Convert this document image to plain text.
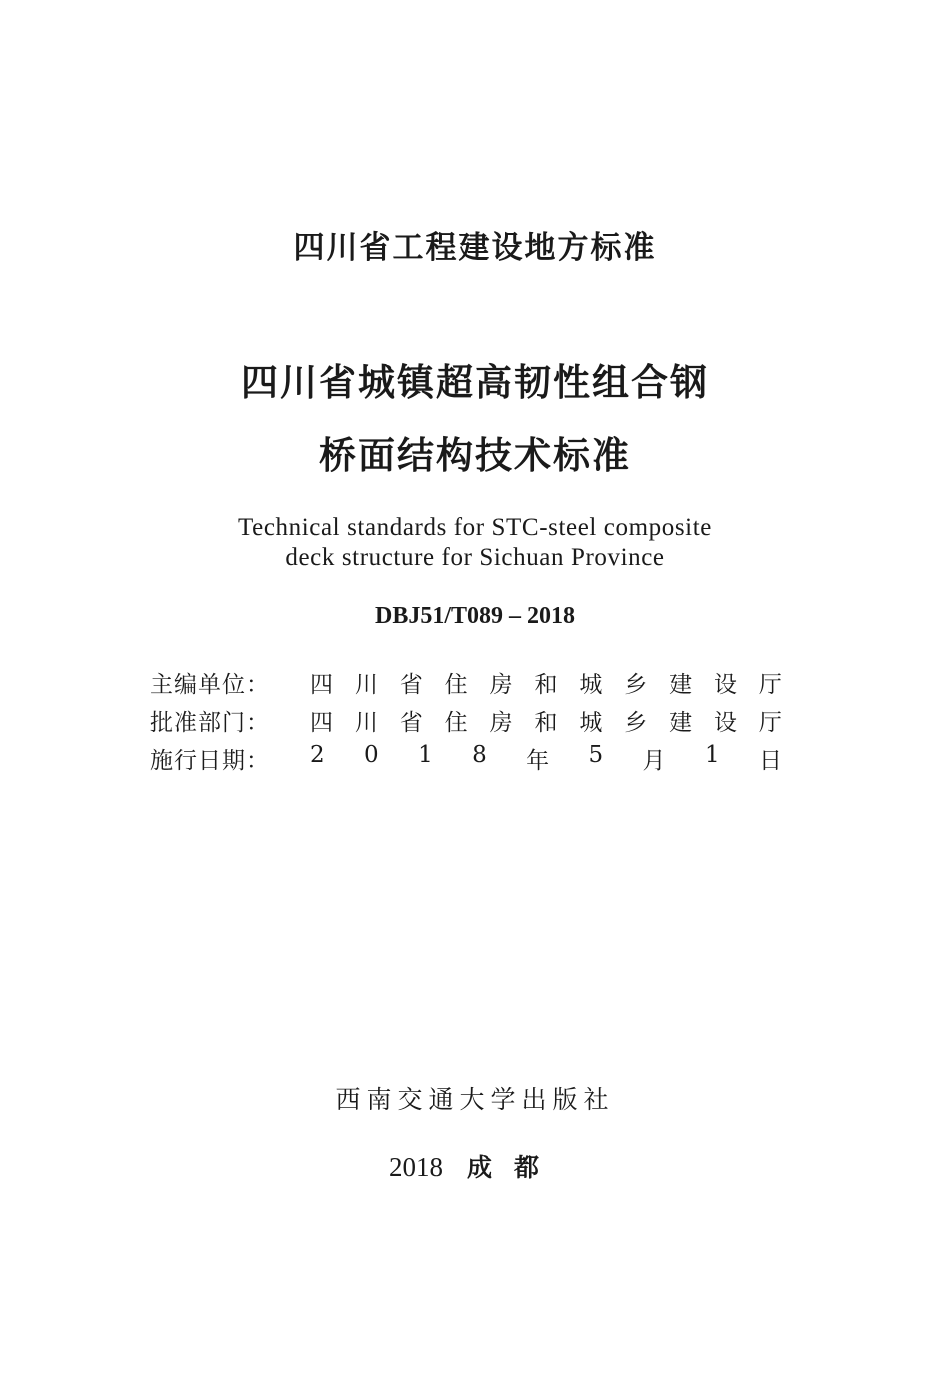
四川省工程建设地方标准
四川省城镇超高韧性组合钢
桥面结构技术标准
Technical standards for STC-steel composite
deck structure for Sichuan Province
DBJ51/T089 – 2018
主编单位：	四 川 省 住 房 和 城 乡 建 设 厅
批准部门：	四 川 省 住 房 和 城 乡 建 设 厅
施行日期：	2 0 1 8 年 5 月 1 日
西南交通大学出版社
2018 成都
